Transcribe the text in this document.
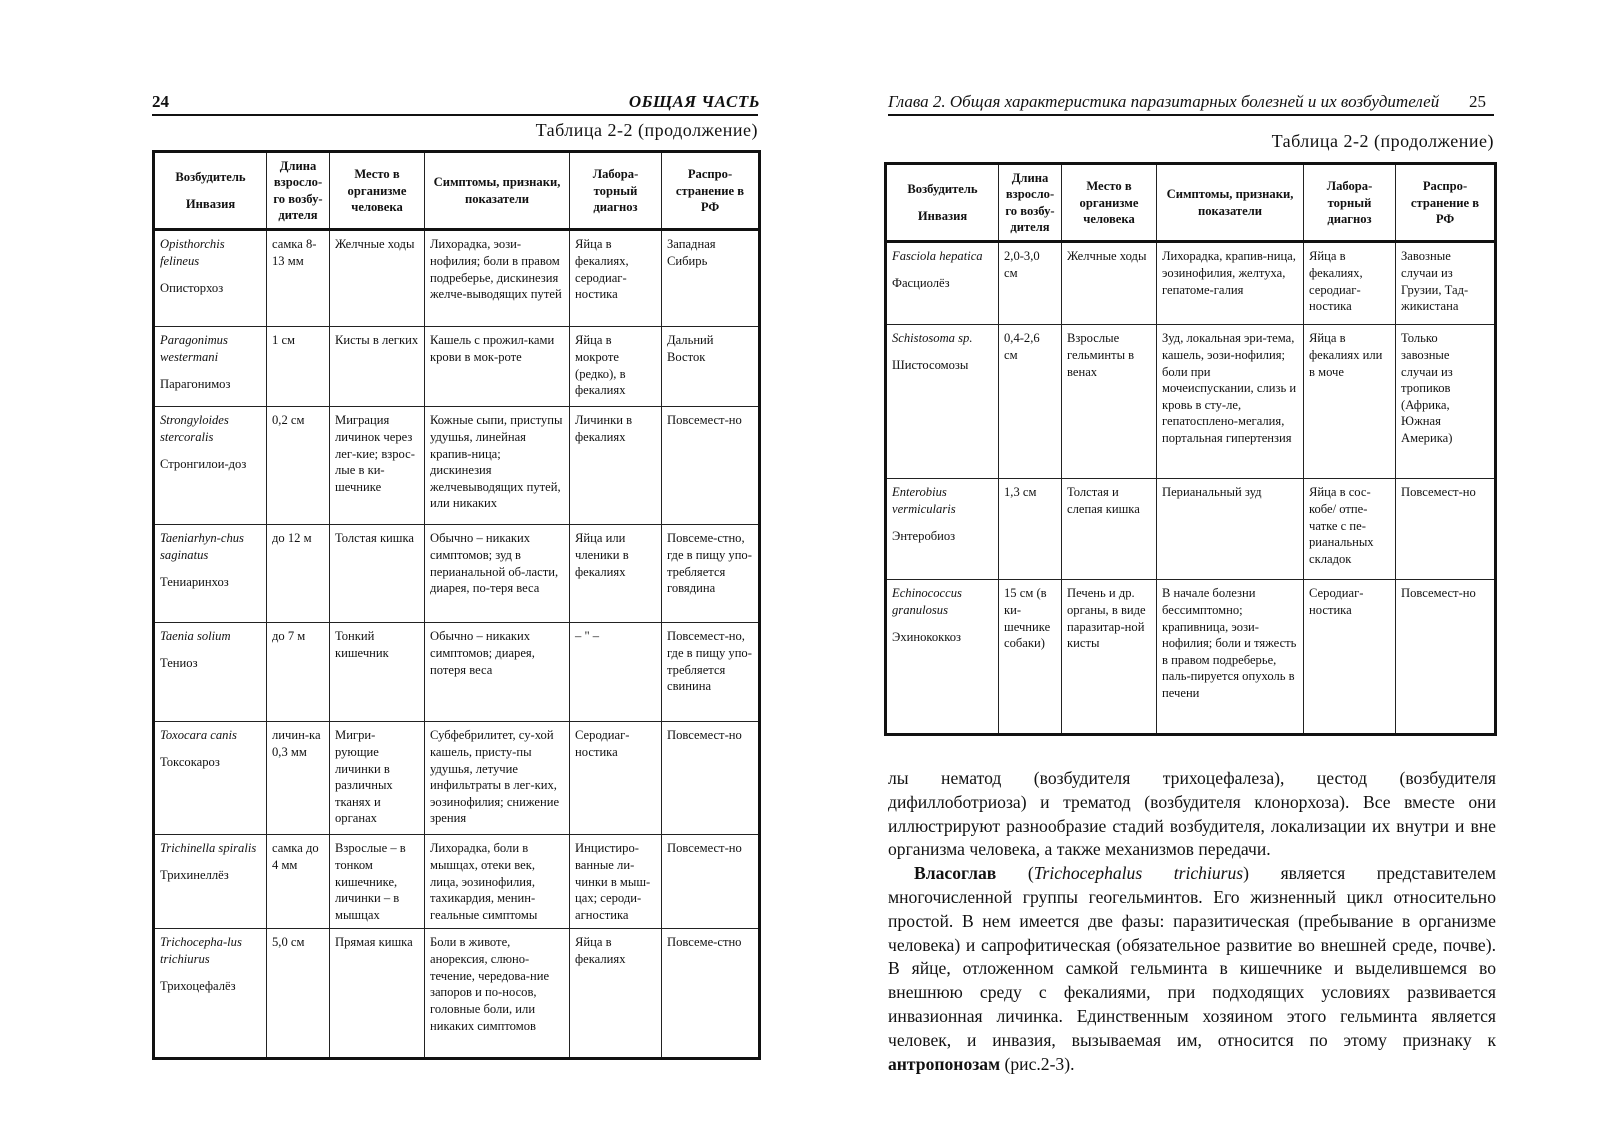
24	ОБЩАЯ ЧАСТЬ
Таблица 2-2 (продолжение)
Возбудитель
Инвазия	Длина взросло-го возбу-дителя	Место в организме человека	Симптомы, признаки, показатели	Лабора-торный диагноз	Распро-странение в РФ

Opisthorchis felineus
Описторхоз	самка 8-13 мм	Желчные ходы	Лихорадка, эози-нофилия; боли в правом подреберье, дискинезия желче-выводящих путей	Яйца в фекалиях, серодиаг-ностика	Западная Сибирь

Paragonimus westermani
Парагонимоз	1 см	Кисты в легких	Кашель с прожил-ками крови в мок-роте	Яйца в мокроте (редко), в фекалиях	Дальний Восток

Strongyloides stercoralis
Стронгилои-доз	0,2 см	Миграция личинок через лег-кие; взрос-лые в ки-шечнике	Кожные сыпи, приступы удушья, линейная крапив-ница; дискинезия желчевыводящих путей, или никаких	Личинки в фекалиях	Повсемест-но

Taeniarhyn-chus saginatus
Тениаринхоз	до 12 м	Толстая кишка	Обычно – никаких симптомов; зуд в перианальной об-ласти, диарея, по-теря веса	Яйца или членики в фекалиях	Повсеме-стно, где в пищу упо-требляется говядина

Taenia solium
Тениоз	до 7 м	Тонкий кишечник	Обычно – никаких симптомов; диарея, потеря веса	– " –	Повсемест-но, где в пищу упо-требляется свинина

Toxocara canis
Токсокароз	личин-ка 0,3 мм	Мигри-рующие личинки в различных тканях и органах	Субфебрилитет, су-хой кашель, присту-пы удушья, летучие инфильтраты в лег-ких, эозинофилия; снижение зрения	Серодиаг-ностика	Повсемест-но

Trichinella spiralis
Трихинеллёз	самка до 4 мм	Взрослые – в тонком кишечнике, личинки – в мышцах	Лихорадка, боли в мышцах, отеки век, лица, эозинофилия, тахикардия, менин-геальные симптомы	Инцистиро-ванные ли-чинки в мыш-цах; сероди-агностика	Повсемест-но

Trichocepha-lus trichiurus
Трихоцефалёз	5,0 см	Прямая кишка	Боли в животе, анорексия, слюно-течение, чередова-ние запоров и по-носов, головные боли, или никаких симптомов	Яйца в фекалиях	Повсеме-стно
Глава 2. Общая характеристика паразитарных болезней и их возбудителей 25
Таблица 2-2 (продолжение)
Возбудитель
Инвазия	Длина взросло-го возбу-дителя	Место в организме человека	Симптомы, признаки, показатели	Лабора-торный диагноз	Распро-странение в РФ

Fasciola hepatica
Фасциолёз	2,0-3,0 см	Желчные ходы	Лихорадка, крапив-ница, эозинофилия, желтуха, гепатоме-галия	Яйца в фекалиях, серодиаг-ностика	Завозные случаи из Грузии, Тад-жикистана

Schistosoma sp.
Шистосомозы	0,4-2,6 см	Взрослые гельминты в венах	Зуд, локальная эри-тема, кашель, эози-нофилия; боли при мочеиспускании, слизь и кровь в сту-ле, гепатосплено-мегалия, портальная гипертензия	Яйца в фекалиях или в моче	Только завозные случаи из тропиков (Африка, Южная Америка)

Enterobius vermicularis
Энтеробиоз	1,3 см	Толстая и слепая кишка	Перианальный зуд	Яйца в сос-кобе/ отпе-чатке с пе-рианальных складок	Повсемест-но

Echinococcus granulosus
Эхинококкоз	15 см (в ки-шечнике собаки)	Печень и др. органы, в виде паразитар-ной кисты	В начале болезни бессимптомно; крапивница, эози-нофилия; боли и тяжесть в правом подреберье, паль-пируется опухоль в печени	Серодиаг-ностика	Повсемест-но

лы нематод (возбудителя трихоцефалеза), цестод (возбудителя дифиллоботриоза) и трематод (возбудителя клонорхоза). Все вместе они иллюстрируют разнообразие стадий возбудителя, локализации их внутри и вне организма человека, а также механизмов передачи.

Власоглав (Trichocephalus trichiurus) является представителем многочисленной группы геогельминтов. Его жизненный цикл относительно простой. В нем имеется две фазы: паразитическая (пребывание в организме человека) и сапрофитическая (обязательное развитие во внешней среде, почве). В яйце, отложенном самкой гельминта в кишечнике и выделившемся во внешнюю среду с фекалиями, при подходящих условиях развивается инвазионная личинка. Единственным хозяином этого гельминта является человек, и инвазия, вызываемая им, относится по этому признаку к антропонозам (рис.2-3).
